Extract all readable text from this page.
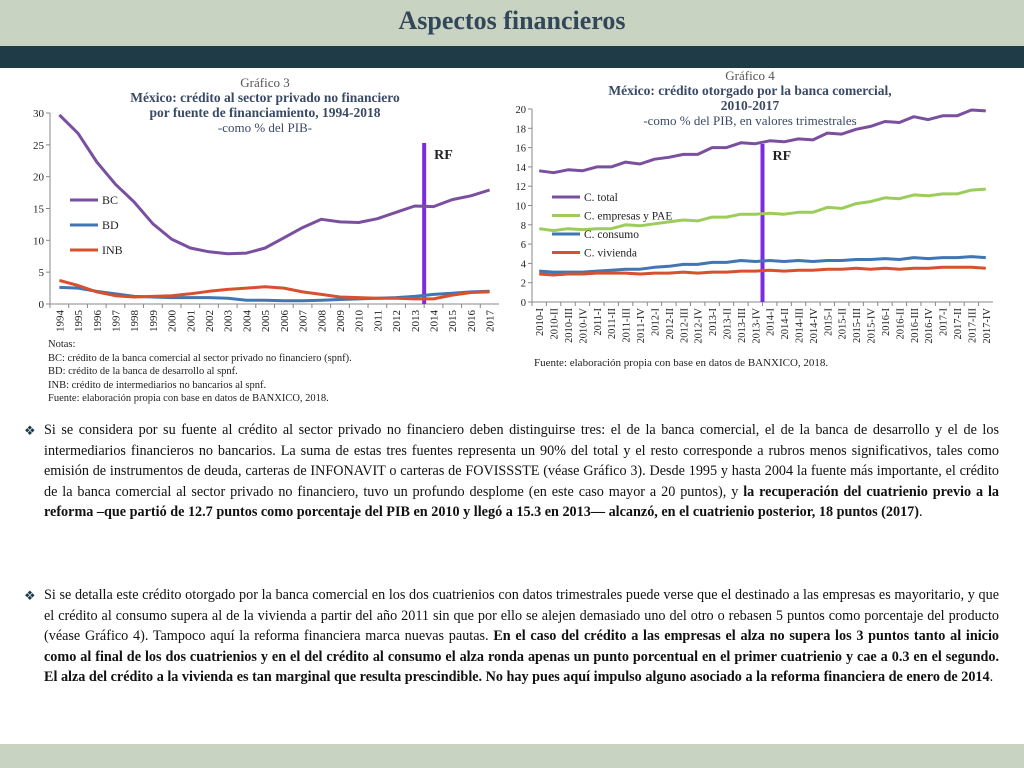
Aspectos financieros
Gráfico 3
México: crédito al sector privado no financiero
por fuente de financiamiento, 1994-2018
-como % del PIB-
Gráfico 4
México: crédito otorgado por la banca comercial,
2010-2017
-como % del PIB, en valores trimestrales
0
5
10
15
20
25
30
1994 1995 1996 1997 1998 1999 2000 2001 2002 2003 2004 2005 2006 2007 2008 2009 2010 2011 2012 2013 2014 2015 2016 2017
RF
BC
BD
INB
0
2
4
6
8
10
12
14
16
18
20
2010-I 2010-II 2010-III 2010-IV 2011-I 2011-II 2011-III 2011-IV 2012-I 2012-II 2012-III 2012-IV 2013-I 2013-II 2013-III 2013-IV 2014-I 2014-II 2014-III 2014-IV 2015-I 2015-II 2015-III 2015-IV 2016-I 2016-II 2016-III 2016-IV 2017-I 2017-II 2017-III 2017-IV
RF
C. total
C. empresas y PAE
C. consumo
C. vivienda
Notas:
BC: crédito de la banca comercial al sector privado no financiero (spnf).
BD: crédito de la banca de desarrollo al spnf.
INB: crédito de intermediarios no bancarios al spnf.
Fuente: elaboración propia con base en datos de BANXICO, 2018.
Fuente: elaboración propia con base en datos de BANXICO, 2018.
❖ Si se considera por su fuente al crédito al sector privado no financiero deben distinguirse tres: el de la banca comercial, el de la banca de desarrollo y el de los intermediarios financieros no bancarios. La suma de estas tres fuentes representa un 90% del total y el resto corresponde a rubros menos significativos, tales como emisión de instrumentos de deuda, carteras de INFONAVIT o carteras de FOVISSSTE (véase Gráfico 3). Desde 1995 y hasta 2004 la fuente más importante, el crédito de la banca comercial al sector privado no financiero, tuvo un profundo desplome (en este caso mayor a 20 puntos), y la recuperación del cuatrienio previo a la reforma –que partió de 12.7 puntos como porcentaje del PIB en 2010 y llegó a 15.3 en 2013— alcanzó, en el cuatrienio posterior, 18 puntos (2017).
❖ Si se detalla este crédito otorgado por la banca comercial en los dos cuatrienios con datos trimestrales puede verse que el destinado a las empresas es mayoritario, y que el crédito al consumo supera al de la vivienda a partir del año 2011 sin que por ello se alejen demasiado uno del otro o rebasen 5 puntos como porcentaje del producto (véase Gráfico 4). Tampoco aquí la reforma financiera marca nuevas pautas. En el caso del crédito a las empresas el alza no supera los 3 puntos tanto al inicio como al final de los dos cuatrienios y en el del crédito al consumo el alza ronda apenas un punto porcentual en el primer cuatrienio y cae a 0.3 en el segundo. El alza del crédito a la vivienda es tan marginal que resulta prescindible. No hay pues aquí impulso alguno asociado a la reforma financiera de enero de 2014.
